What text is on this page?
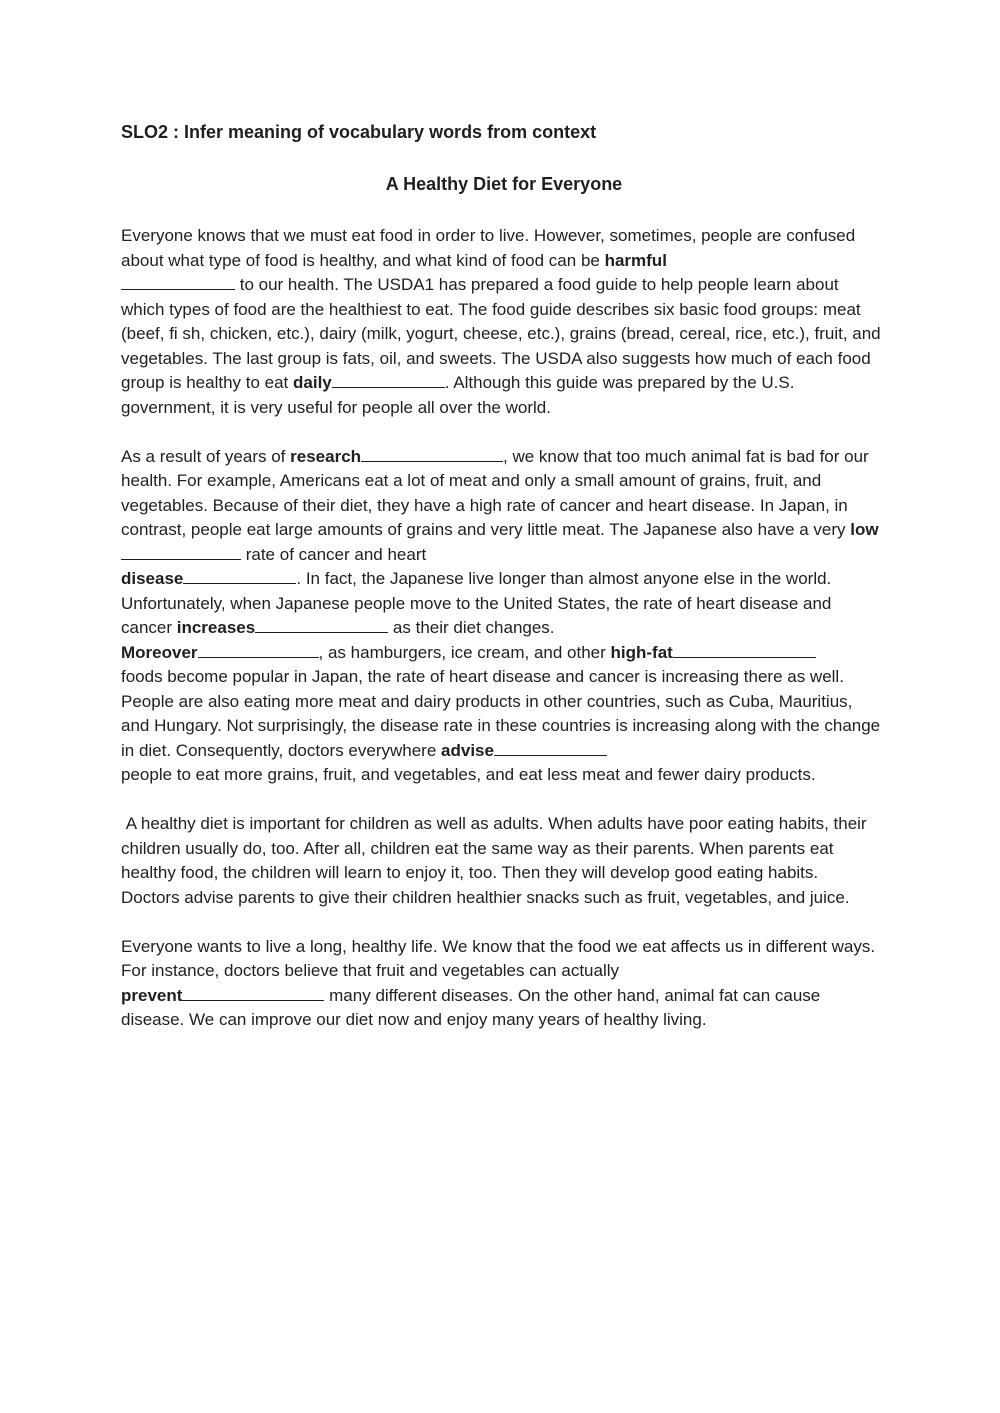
SLO2 : Infer meaning of vocabulary words from context
A Healthy Diet for Everyone

Everyone knows that we must eat food in order to live. However, sometimes, people are confused about what type of food is healthy, and what kind of food can be harmful
to our health. The USDA1 has prepared a food guide to help people learn about which types of food are the healthiest to eat. The food guide describes six basic food groups: meat (beef, fi sh, chicken, etc.), dairy (milk, yogurt, cheese, etc.), grains (bread, cereal, rice, etc.), fruit, and vegetables. The last group is fats, oil, and sweets. The USDA also suggests how much of each food group is healthy to eat daily	. Although this guide was prepared by the U.S. government, it is very useful for people all over the world.

As a result of years of research	, we know that too much animal fat is bad for our health. For example, Americans eat a lot of meat and only a small amount of grains, fruit, and vegetables. Because of their diet, they have a high rate of cancer and heart disease. In Japan, in contrast, people eat large amounts of grains and very little meat. The Japanese also have a very low rate of cancer and heart
disease	. In fact, the Japanese live longer than almost anyone else in the world. Unfortunately, when Japanese people move to the United States, the rate of heart disease and cancer increases	as their diet changes.
Moreover	, as hamburgers, ice cream, and other high-fat
foods become popular in Japan, the rate of heart disease and cancer is increasing there as well. People are also eating more meat and dairy products in other countries, such as Cuba, Mauritius, and Hungary. Not surprisingly, the disease rate in these countries is increasing along with the change in diet. Consequently, doctors everywhere advise
people to eat more grains, fruit, and vegetables, and eat less meat and fewer dairy products.

A healthy diet is important for children as well as adults. When adults have poor eating habits, their children usually do, too. After all, children eat the same way as their parents. When parents eat healthy food, the children will learn to enjoy it, too. Then they will develop good eating habits. Doctors advise parents to give their children healthier snacks such as fruit, vegetables, and juice.

Everyone wants to live a long, healthy life. We know that the food we eat affects us in different ways. For instance, doctors believe that fruit and vegetables can actually
prevent	many different diseases. On the other hand, animal fat can cause disease. We can improve our diet now and enjoy many years of healthy living.
